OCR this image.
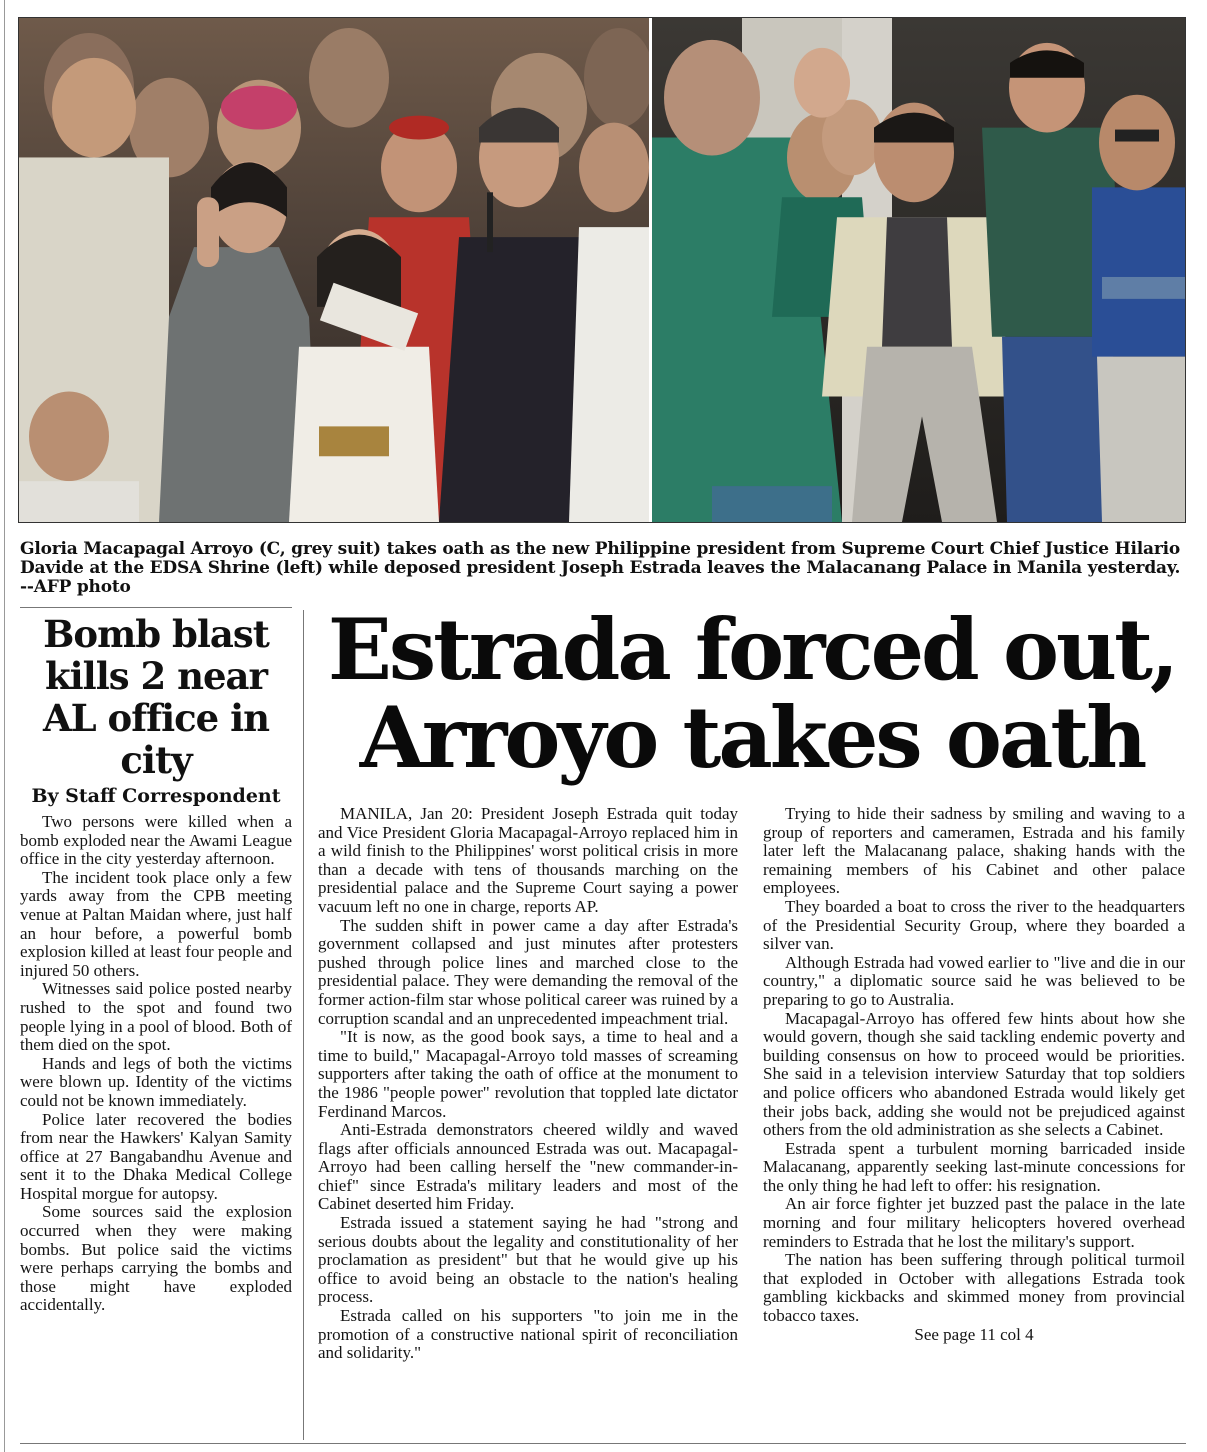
Gloria Macapagal Arroyo (C, grey suit) takes oath as the new Philippine president from Supreme Court Chief Justice Hilario Davide at the EDSA Shrine (left) while deposed president Joseph Estrada leaves the Malacanang Palace in Manila yesterday. --AFP photo
Bomb blast kills 2 near AL office in city
By Staff Correspondent

Two persons were killed when a bomb exploded near the Awami League office in the city yesterday afternoon.

The incident took place only a few yards away from the CPB meeting venue at Paltan Maidan where, just half an hour before, a powerful bomb explosion killed at least four people and injured 50 others.

Witnesses said police posted nearby rushed to the spot and found two people lying in a pool of blood. Both of them died on the spot.

Hands and legs of both the victims were blown up. Identity of the victims could not be known immediately.

Police later recovered the bodies from near the Hawkers' Kalyan Samity office at 27 Bangabandhu Avenue and sent it to the Dhaka Medical College Hospital morgue for autopsy.

Some sources said the explosion occurred when they were making bombs. But police said the victims were perhaps carrying the bombs and those might have exploded accidentally.

Estrada forced out, Arroyo takes oath

MANILA, Jan 20: President Joseph Estrada quit today and Vice President Gloria Macapagal-Arroyo replaced him in a wild finish to the Philippines' worst political crisis in more than a decade with tens of thousands marching on the presidential palace and the Supreme Court saying a power vacuum left no one in charge, reports AP.

The sudden shift in power came a day after Estrada's government collapsed and just minutes after protesters pushed through police lines and marched close to the presidential palace. They were demanding the removal of the former action-film star whose political career was ruined by a corruption scandal and an unprecedented impeachment trial.

"It is now, as the good book says, a time to heal and a time to build," Macapagal-Arroyo told masses of screaming supporters after taking the oath of office at the monument to the 1986 "people power" revolution that toppled late dictator Ferdinand Marcos.

Anti-Estrada demonstrators cheered wildly and waved flags after officials announced Estrada was out. Macapagal-Arroyo had been calling herself the "new commander-in-chief" since Estrada's military leaders and most of the Cabinet deserted him Friday.

Estrada issued a statement saying he had "strong and serious doubts about the legality and constitutionality of her proclamation as president" but that he would give up his office to avoid being an obstacle to the nation's healing process.

Estrada called on his supporters "to join me in the promotion of a constructive national spirit of reconciliation and solidarity."

Trying to hide their sadness by smiling and waving to a group of reporters and cameramen, Estrada and his family later left the Malacanang palace, shaking hands with the remaining members of his Cabinet and other palace employees.

They boarded a boat to cross the river to the headquarters of the Presidential Security Group, where they boarded a silver van.

Although Estrada had vowed earlier to "live and die in our country," a diplomatic source said he was believed to be preparing to go to Australia.

Macapagal-Arroyo has offered few hints about how she would govern, though she said tackling endemic poverty and building consensus on how to proceed would be priorities. She said in a television interview Saturday that top soldiers and police officers who abandoned Estrada would likely get their jobs back, adding she would not be prejudiced against others from the old administration as she selects a Cabinet.

Estrada spent a turbulent morning barricaded inside Malacanang, apparently seeking last-minute concessions for the only thing he had left to offer: his resignation.

An air force fighter jet buzzed past the palace in the late morning and four military helicopters hovered overhead reminders to Estrada that he lost the military's support.

The nation has been suffering through political turmoil that exploded in October with allegations Estrada took gambling kickbacks and skimmed money from provincial tobacco taxes.

See page 11 col 4
